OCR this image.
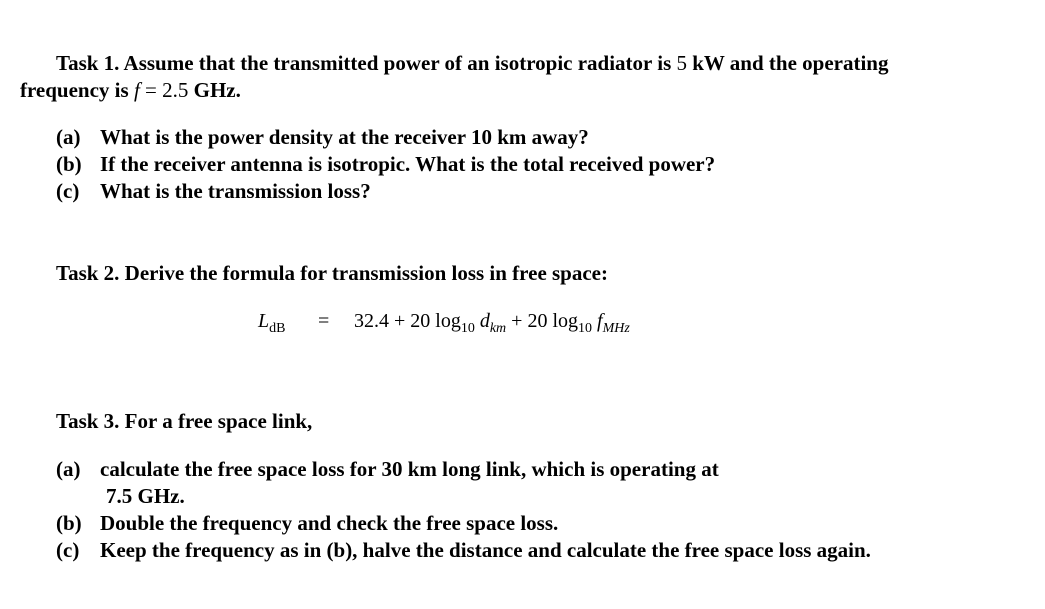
Task 1. Assume that the transmitted power of an isotropic radiator is 5 kW and the operating
frequency is f = 2.5 GHz.
(a) What is the power density at the receiver 10 km away?
(b) If the receiver antenna is isotropic. What is the total received power?
(c) What is the transmission loss?
Task 2. Derive the formula for transmission loss in free space:
$L_{dB} = 32.4 + 20$ $\log_{10} d_{km} + 20$ $\log_{10} f_{MHz}$
Task 3. For a free space link,
(a) calculate the free space loss for 30 km long link, which is operating at
7.5 GHz.
(b) Double the frequency and check the free space loss.
(c) Keep the frequency as in (b), halve the distance and calculate the free space loss again.
